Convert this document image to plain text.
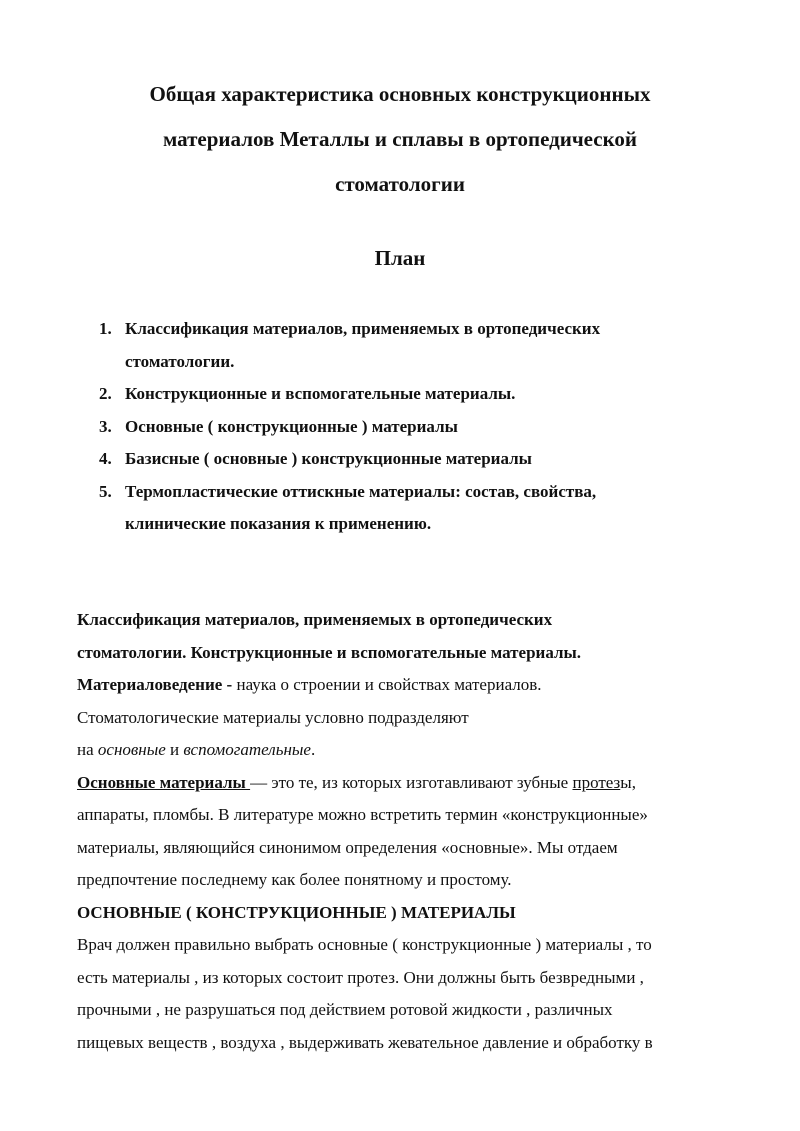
Общая характеристика основных конструкционных
материалов Металлы и сплавы в ортопедической
стоматологии
План
1. Классификация материалов, применяемых в ортопедических
стоматологии.
2. Конструкционные и вспомогательные материалы.
3. Основные ( конструкционные ) материалы
4. Базисные ( основные ) конструкционные материалы
5. Термопластические оттискные материалы: состав, свойства,
клинические показания к применению.

Классификация материалов, применяемых в ортопедических

стоматологии. Конструкционные и вспомогательные материалы.

Материаловедение - наука о строении и свойствах материалов.

Стоматологические материалы условно подразделяют

на основные и вспомогательные.

Основные материалы — это те, из которых изготавливают зубные протезы,

аппараты, пломбы. В литературе можно встретить термин «конструкционные»

материалы, являющийся синонимом определения «основные». Мы отдаем

предпочтение последнему как более понятному и простому.

ОСНОВНЫЕ ( КОНСТРУКЦИОННЫЕ ) МАТЕРИАЛЫ

Врач должен правильно выбрать основные ( конструкционные ) материалы , то

есть материалы , из которых состоит протез. Они должны быть безвредными ,

прочными , не разрушаться под действием ротовой жидкости , различных

пищевых веществ , воздуха , выдерживать жевательное давление и обработку в
